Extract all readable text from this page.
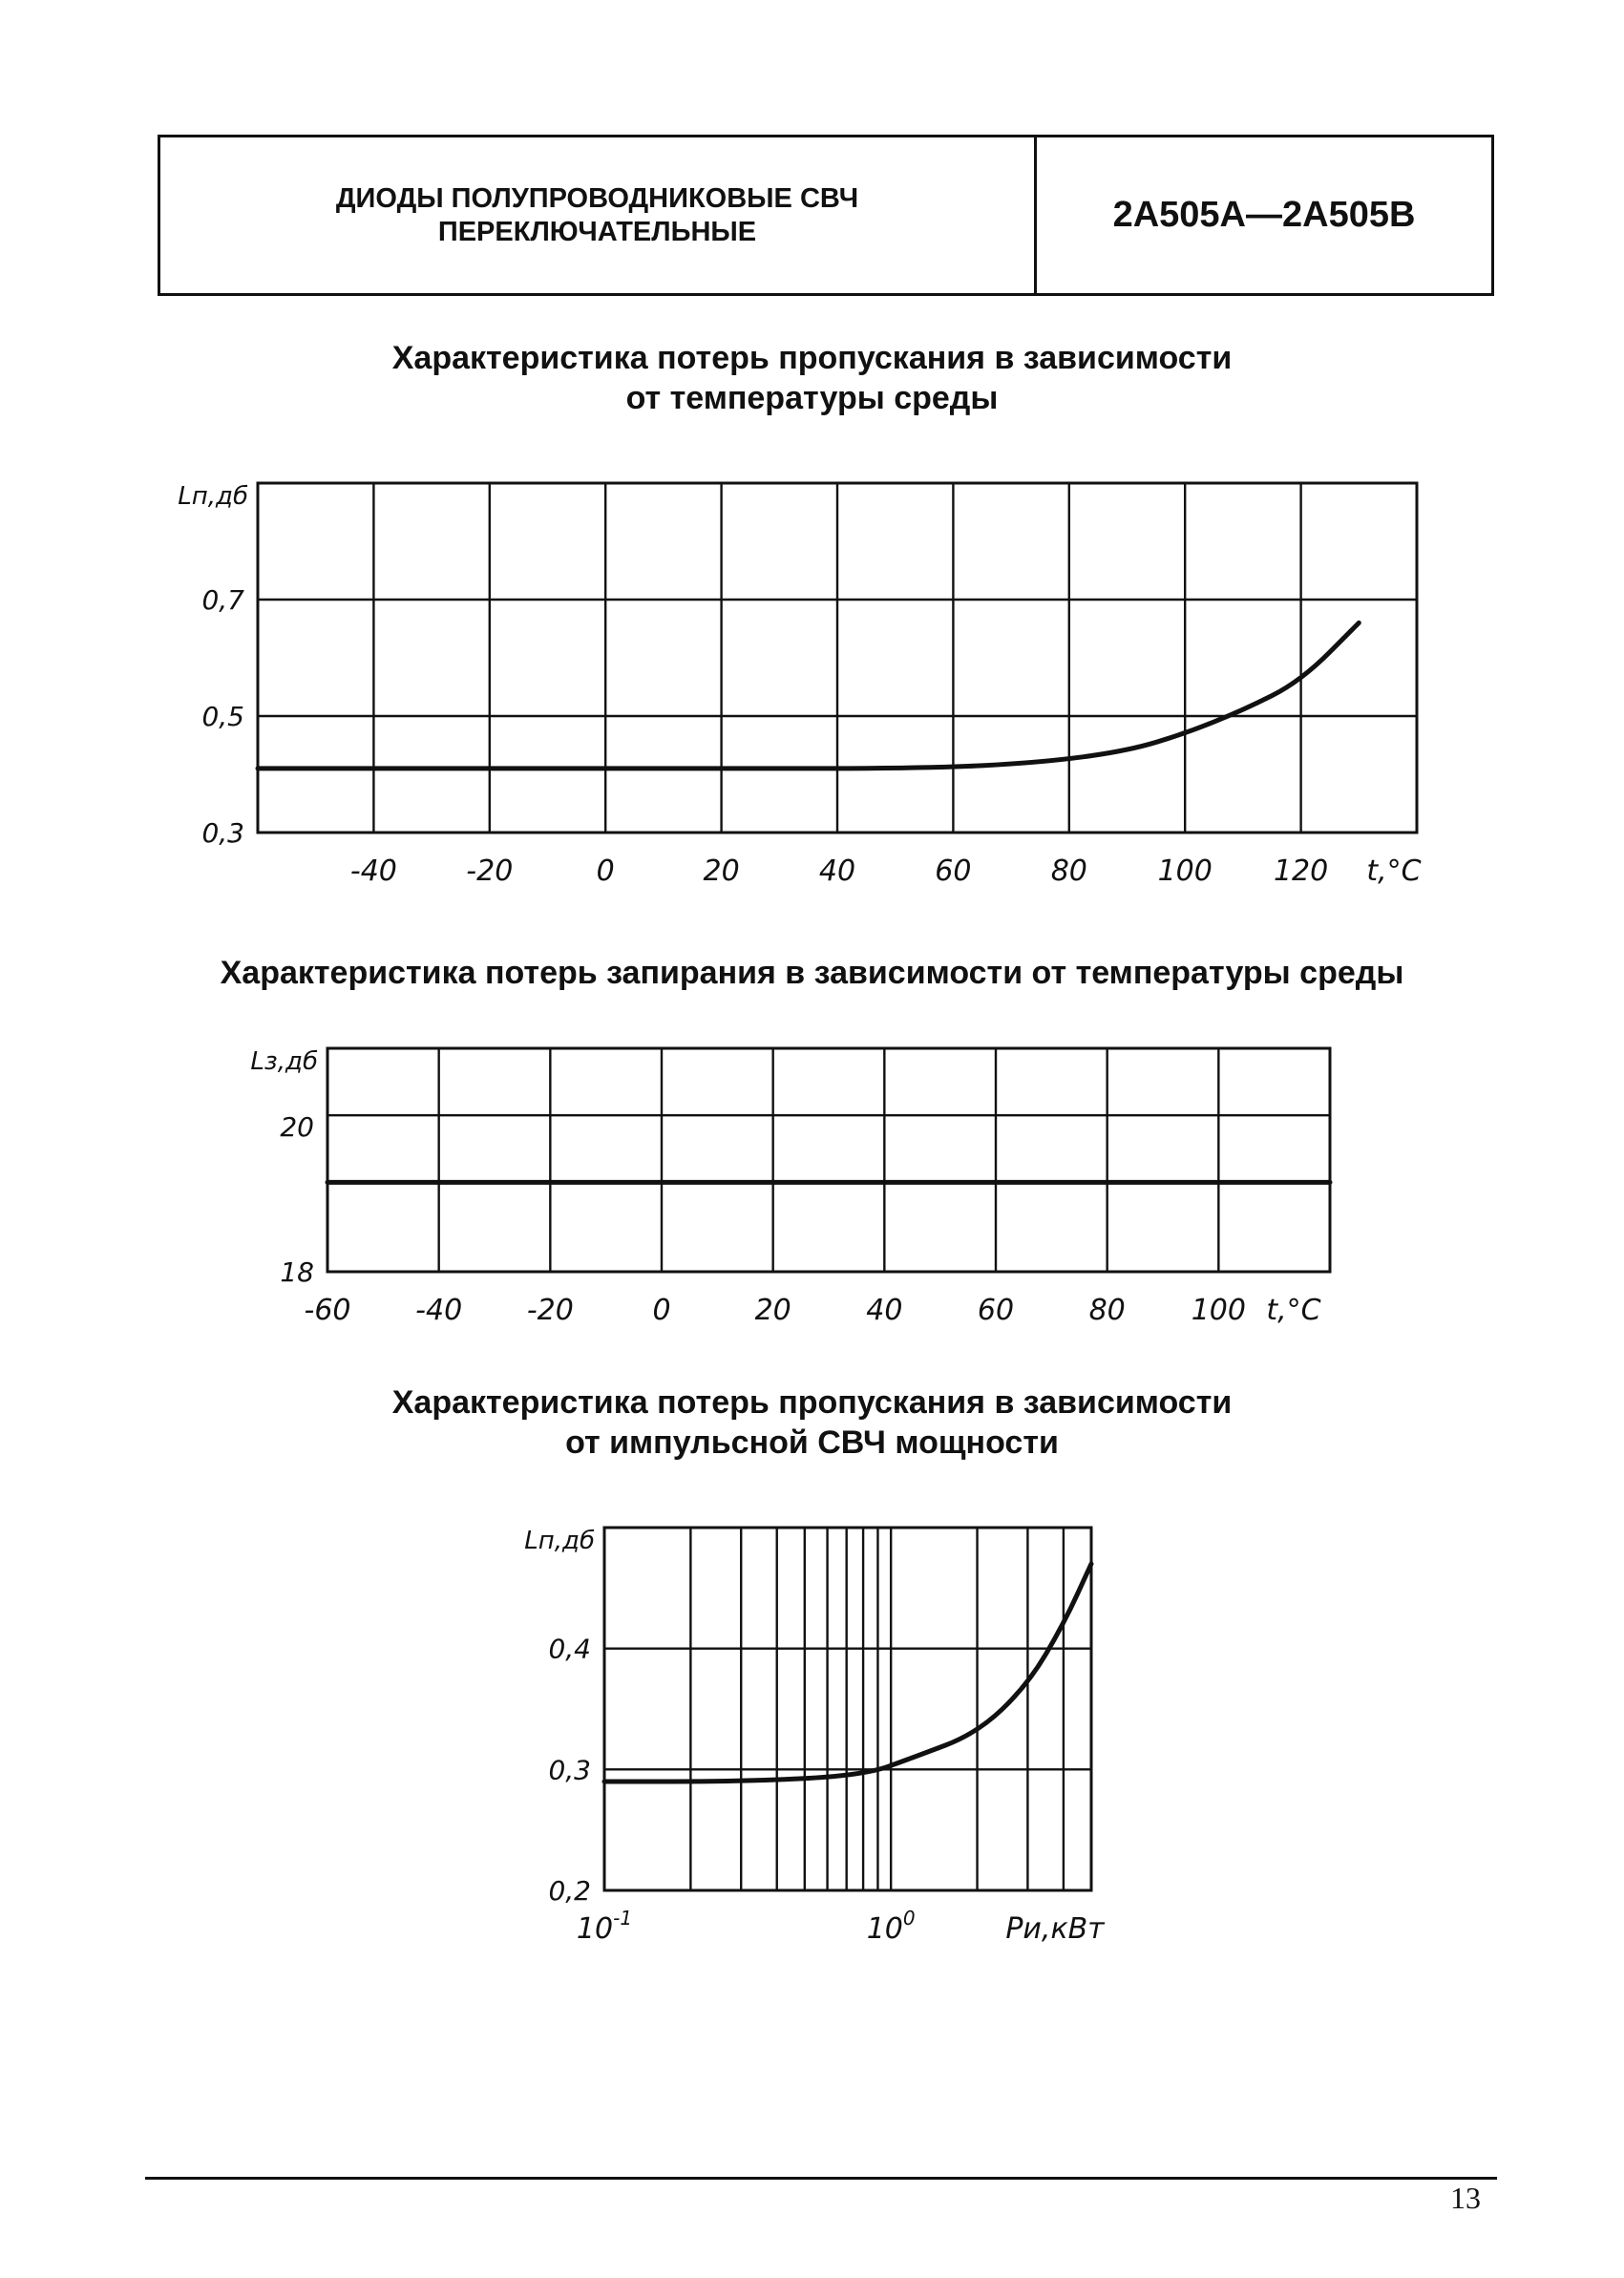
ДИОДЫ ПОЛУПРОВОДНИКОВЫЕ СВЧ
ПЕРЕКЛЮЧАТЕЛЬНЫЕ	2А505А—2А505В
Характеристика потерь пропускания в зависимости
от температуры среды
0,3
0,5
0,7
-40 -20	0	20	40	60	80 100 120
Lп,дб
t,°C
18
20
-60 -40 -20	0	20	40	60	80 100
Lз,дб
t,°C
0,2
0,3
0,4
$10^{-1}$	$10^0$
Lп,дб
Pи,кВт
Характеристика потерь запирания в зависимости от температуры среды
Характеристика потерь пропускания в зависимости
от импульсной СВЧ мощности
13
